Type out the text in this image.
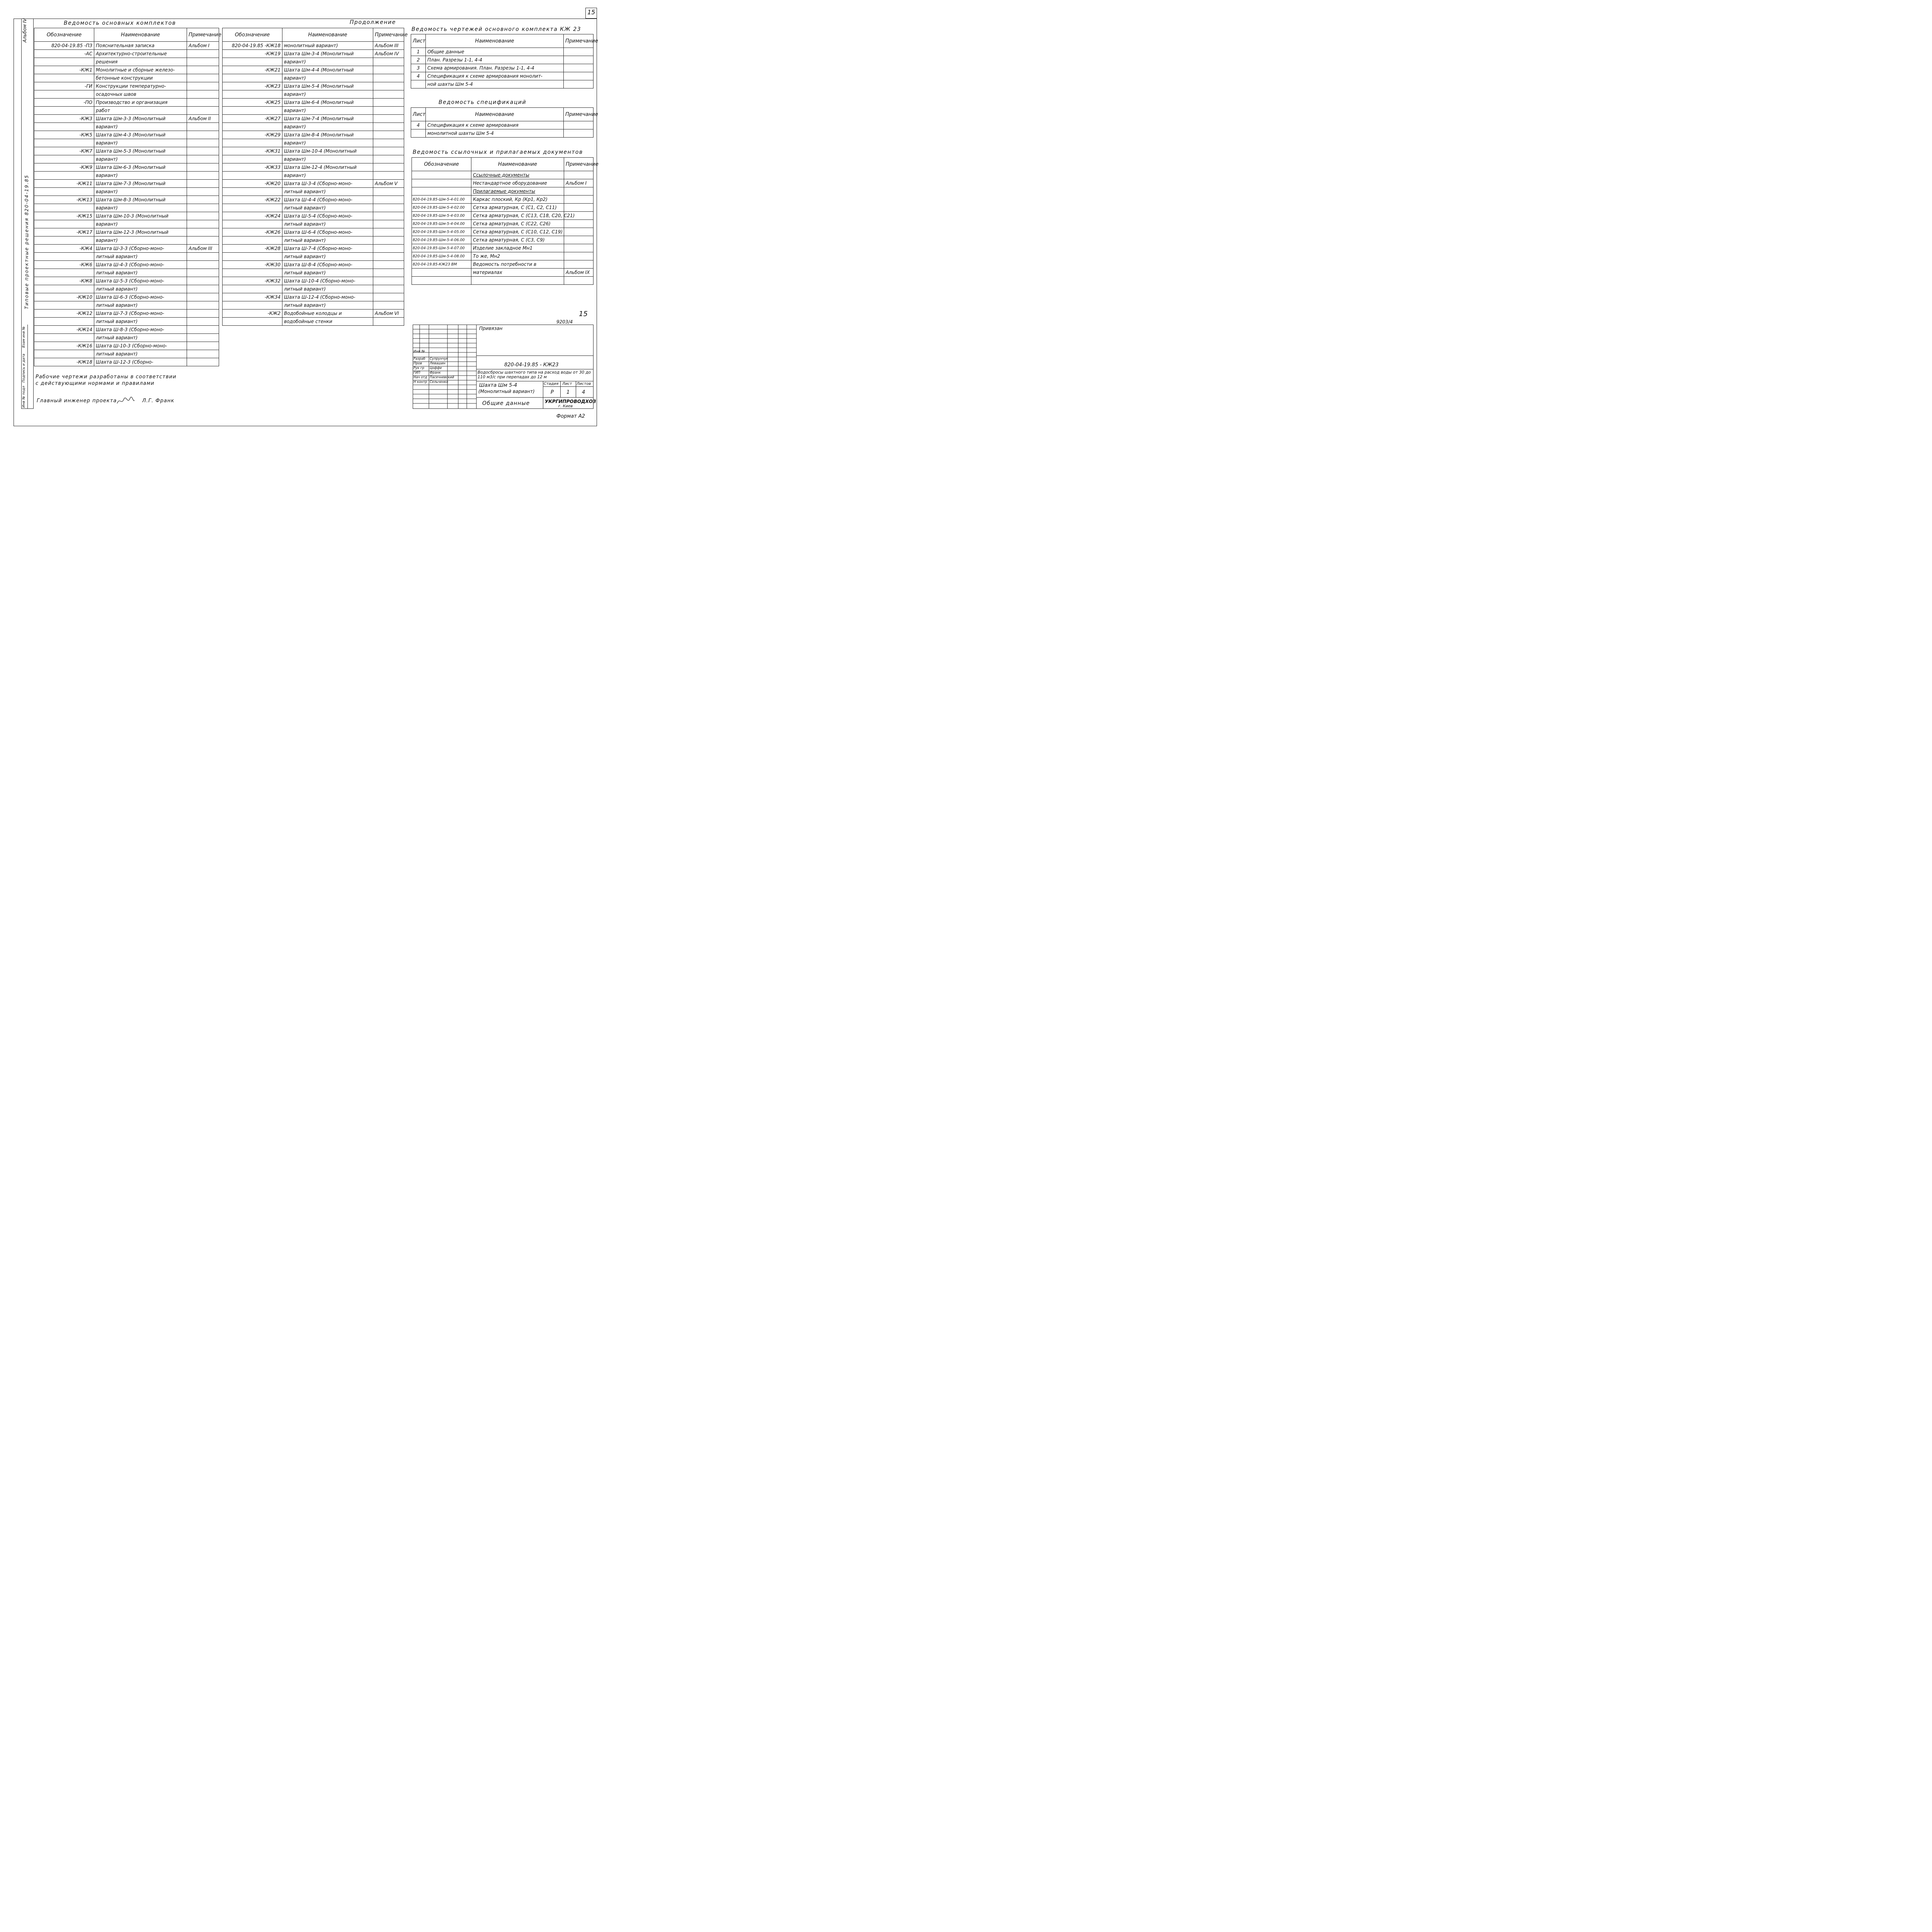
15
Альбом IV
Типовые проектные решения 820-04-19.85
Инв № подл
Подпись и дата
Взам инв №
Ведомость основных комплектов
Обозначение	Наименование	Примечание
820-04-19.85 -ПЗ	Пояснительная записка	Альбом I
-АС	Архитектурно-строительные	
	решения	
-КЖ1	Монолитные и сборные железо-	
	бетонные конструкции	
-ГИ	Конструкции температурно-	
	осадочных швов	
-ПО	Производство и организация	
	работ	
-КЖ3	Шахта Шм-3-3 (Монолитный	Альбом II
	вариант)	
-КЖ5	Шахта Шм-4-3 (Монолитный	
	вариант)	
-КЖ7	Шахта Шм-5-3 (Монолитный	
	вариант)	
-КЖ9	Шахта Шм-6-3 (Монолитный	
	вариант)	
-КЖ11	Шахта Шм-7-3 (Монолитный	
	вариант)	
-КЖ13	Шахта Шм-8-3 (Монолитный	
	вариант)	
-КЖ15	Шахта Шм-10-3 (Монолитный	
	вариант)	
-КЖ17	Шахта Шм-12-3 (Монолитный	
	вариант)	
-КЖ4	Шахта Ш-3-3 (Сборно-моно-	Альбом III
	литный вариант)	
-КЖ6	Шахта Ш-4-3 (Сборно-моно-	
	литный вариант)	
-КЖ8	Шахта Ш-5-3 (Сборно-моно-	
	литный вариант)	
-КЖ10	Шахта Ш-6-3 (Сборно-моно-	
	литный вариант)	
-КЖ12	Шахта Ш-7-3 (Сборно-моно-	
	литный вариант)	
-КЖ14	Шахта Ш-8-3 (Сборно-моно-	
	литный вариант)	
-КЖ16	Шахта Ш-10-3 (Сборно-моно-	
	литный вариант)	
-КЖ18	Шахта Ш-12-3 (Сборно-	
Продолжение
Обозначение	Наименование	Примечание
820-04-19.85 -КЖ18	монолитный вариант)	Альбом III
-КЖ19	Шахта Шм-3-4 (Монолитный	Альбом IV
	вариант)	
-КЖ21	Шахта Шм-4-4 (Монолитный	
	вариант)	
-КЖ23	Шахта Шм-5-4 (Монолитный	
	вариант)	
-КЖ25	Шахта Шм-6-4 (Монолитный	
	вариант)	
-КЖ27	Шахта Шм-7-4 (Монолитный	
	вариант)	
-КЖ29	Шахта Шм-8-4 (Монолитный	
	вариант)	
-КЖ31	Шахта Шм-10-4 (Монолитный	
	вариант)	
-КЖ33	Шахта Шм-12-4 (Монолитный	
	вариант)	
-КЖ20	Шахта Ш-3-4 (Сборно-моно-	Альбом V
	литный вариант)	
-КЖ22	Шахта Ш-4-4 (Сборно-моно-	
	литный вариант)	
-КЖ24	Шахта Ш-5-4 (Сборно-моно-	
	литный вариант)	
-КЖ26	Шахта Ш-6-4 (Сборно-моно-	
	литный вариант)	
-КЖ28	Шахта Ш-7-4 (Сборно-моно-	
	литный вариант)	
-КЖ30	Шахта Ш-8-4 (Сборно-моно-	
	литный вариант)	
-КЖ32	Шахта Ш-10-4 (Сборно-моно-	
	литный вариант)	
-КЖ34	Шахта Ш-12-4 (Сборно-моно-	
	литный вариант)	
-КЖ2	Водобойные колодцы и	Альбом VI
	водобойные стенки	
Ведомость чертежей основного комплекта КЖ 23
Лист	Наименование	Примечание
1	Общие данные	
2	План. Разрезы 1-1, 4-4	
3	Схема армирования. План. Разрезы 1-1, 4-4	
4	Спецификация к схеме армирования монолит-	
	ной шахты Шм 5-4	
Ведомость спецификаций
Лист	Наименование	Примечание
4	Спецификация к схеме армирования	
	монолитной шахты Шм 5-4	
Ведомость ссылочных и прилагаемых документов
Обозначение	Наименование	Примечание
	Ссылочные документы	
	Нестандартное оборудование	Альбом I
	Прилагаемые документы	
820-04-19.85-Шм-5-4-01.00	Каркас плоский, Кр (Кр1, Кр2)	
820-04-19.85-Шм-5-4-02.00	Сетка арматурная, С (С1, С2, С11)	
820-04-19.85-Шм-5-4-03.00	Сетка арматурная, С (С13, С18, С20, С21)	
820-04-19.85-Шм-5-4-04.00	Сетка арматурная, С (С22, С26)	
820-04-19.85-Шм-5-4-05.00	Сетка арматурная, С (С10, С12, С19)	
820-04-19.85-Шм-5-4-06.00	Сетка арматурная, С (С3, С9)	
820-04-19.85-Шм-5-4-07.00	Изделие закладное Мн1	
820-04-19.85-Шм-5-4-08.00	То же, Мн2	
820-04-19.85-КЖ23 ВМ	Ведомость потребности в	
	материалах	Альбом IX

Рабочие чертежи разработаны в соответствии
с действующими нормами и правилами
Главный инженер проекта	Л.Г. Франк
15
9203/4
Инв №
Разраб Супрунчук
Пров Левашин
Рук гр Цоффе
ГИП	Франк
Нач отд Пасечневский
Н контр Сельченко
Привязан
820-04-19.85 - КЖ23
Водосбросы шахтного типа на расход воды от 30 до 110 м3/с при перепадах до 12 м
Шахта Шм 5-4
(Монолитный вариант)
Стадия Лист Листов
Р	1 4
Общие данные	УКРГИПРОВОДХОЗ
г. Киев
Формат А2
